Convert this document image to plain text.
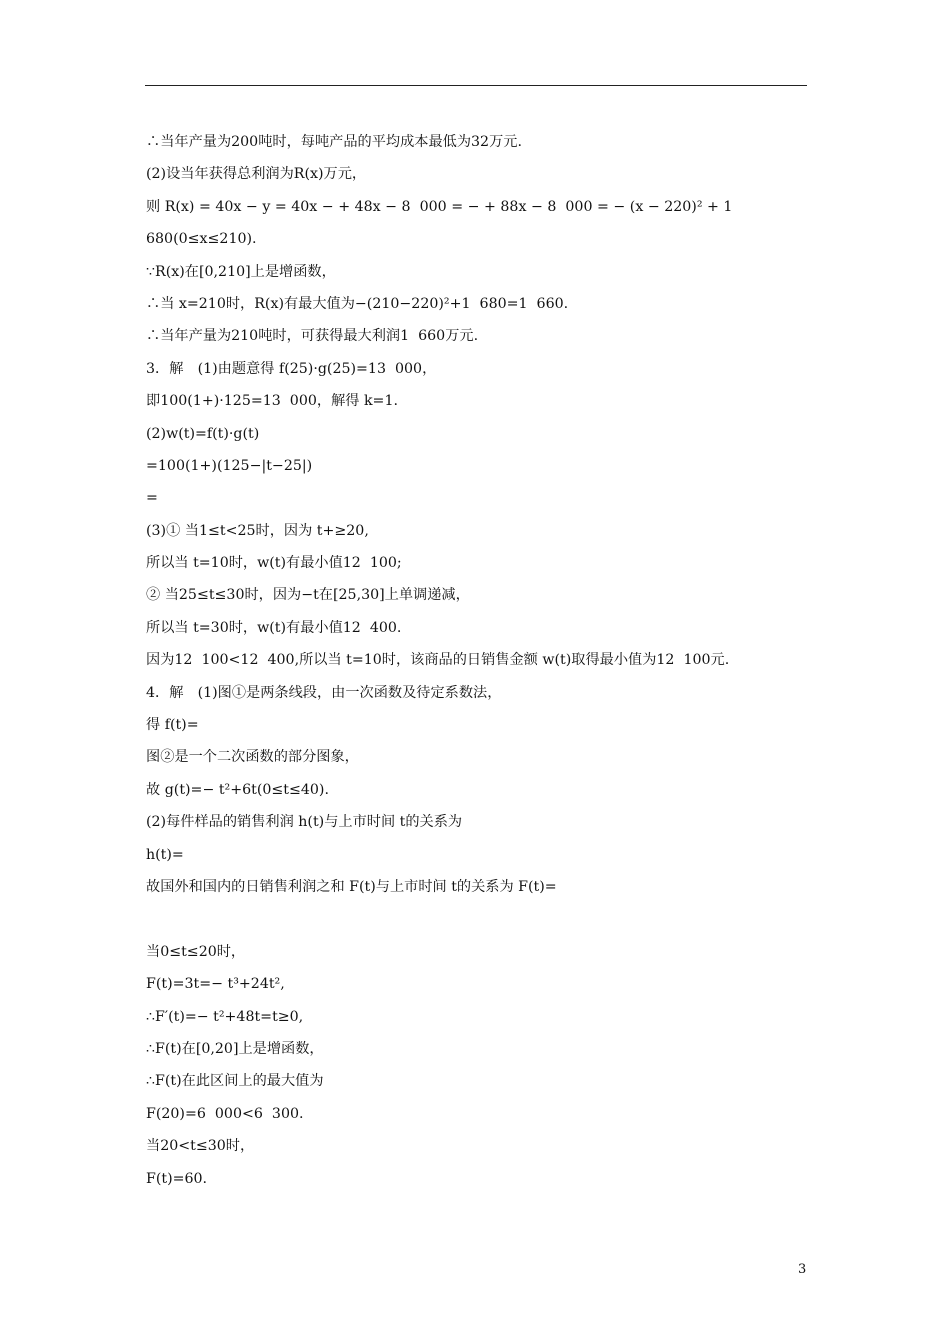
∴当年产量为200吨时，每吨产品的平均成本最低为32万元.
(2)设当年获得总利润为R(x)万元，
则 R(x) = 40x − y = 40x − + 48x − 8  000 = − + 88x − 8  000 = − (x − 220)² + 1
680(0≤x≤210).
∵R(x)在[0,210]上是增函数，
∴当 x=210时，R(x)有最大值为−(210−220)²+1  680=1  660.
∴当年产量为210吨时，可获得最大利润1  660万元.
3．解　(1)由题意得 f(25)·g(25)=13  000，
即100(1+)·125=13  000，解得 k=1.
(2)w(t)=f(t)·g(t)
=100(1+)(125−|t−25|)
=
(3)① 当1≤t<25时，因为 t+≥20,
所以当 t=10时，w(t)有最小值12  100;
② 当25≤t≤30时，因为−t在[25,30]上单调递减，
所以当 t=30时，w(t)有最小值12  400.
因为12  100<12  400,所以当 t=10时，该商品的日销售金额 w(t)取得最小值为12  100元.
4．解　(1)图①是两条线段，由一次函数及待定系数法，
得 f(t)=
图②是一个二次函数的部分图象，
故 g(t)=− t²+6t(0≤t≤40).
(2)每件样品的销售利润 h(t)与上市时间 t的关系为
h(t)=
故国外和国内的日销售利润之和 F(t)与上市时间 t的关系为 F(t)=
当0≤t≤20时，
F(t)=3t=− t³+24t²,
∴F′(t)=− t²+48t=t≥0,
∴F(t)在[0,20]上是增函数，
∴F(t)在此区间上的最大值为
F(20)=6  000<6  300.
当20<t≤30时，
F(t)=60.
3
